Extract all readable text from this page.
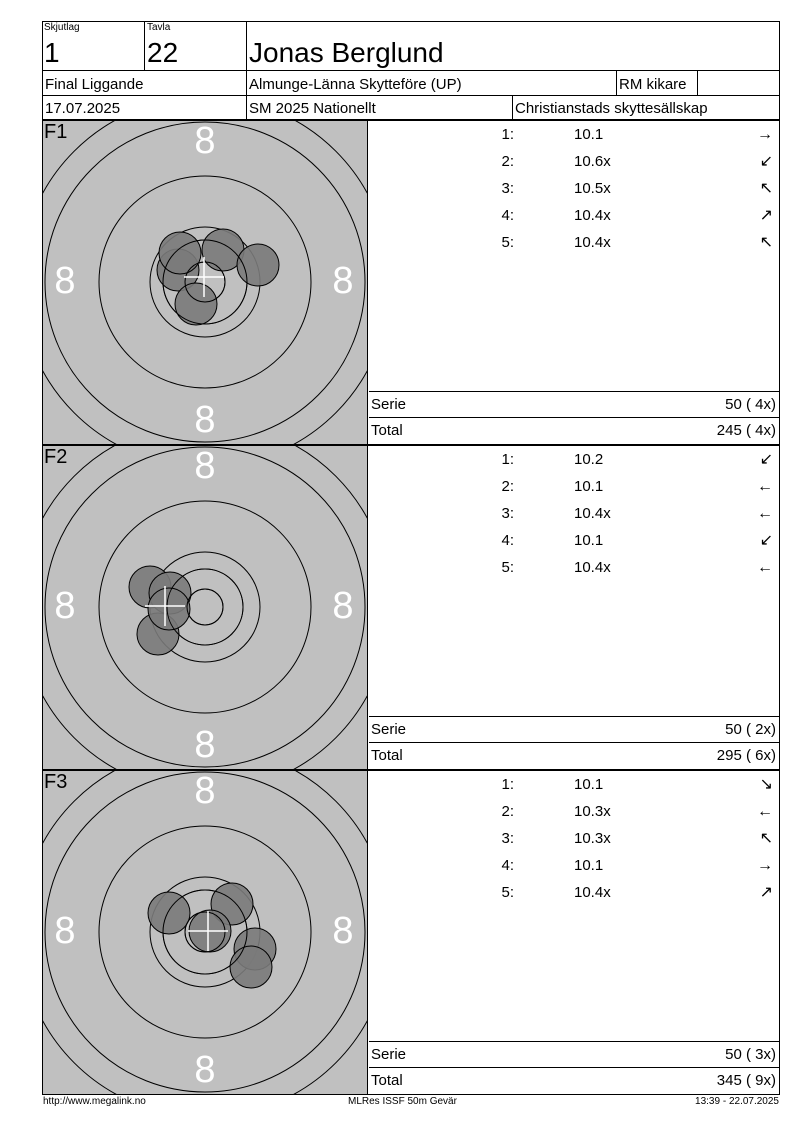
Skjutlag
1
Tavla
22	Jonas Berglund
Final Liggande	Almunge-Länna Skytteföre (UP)	RM kikare
17.07.2025	SM 2025 Nationellt	Christianstads skyttesällskap
8
8
8	8
F1	1:	10.1	→
2:	10.6x	↙
3:	10.5x	↖
4:	10.4x	↗
5:	10.4x	↖
Serie	50 ( 4x)
Total	245 ( 4x)
8
8
8	8
F2	1:	10.2	↙
2:	10.1	←
3:	10.4x	←
4:	10.1	↙
5:	10.4x	←
Serie	50 ( 2x)
Total	295 ( 6x)
8
8
8	8
F3	1:	10.1	↘
2:	10.3x	←
3:	10.3x	↖
4:	10.1	→
5:	10.4x	↗
Serie	50 ( 3x)
Total	345 ( 9x)
http://www.megalink.no	MLRes ISSF 50m Gevär	13:39 - 22.07.2025
